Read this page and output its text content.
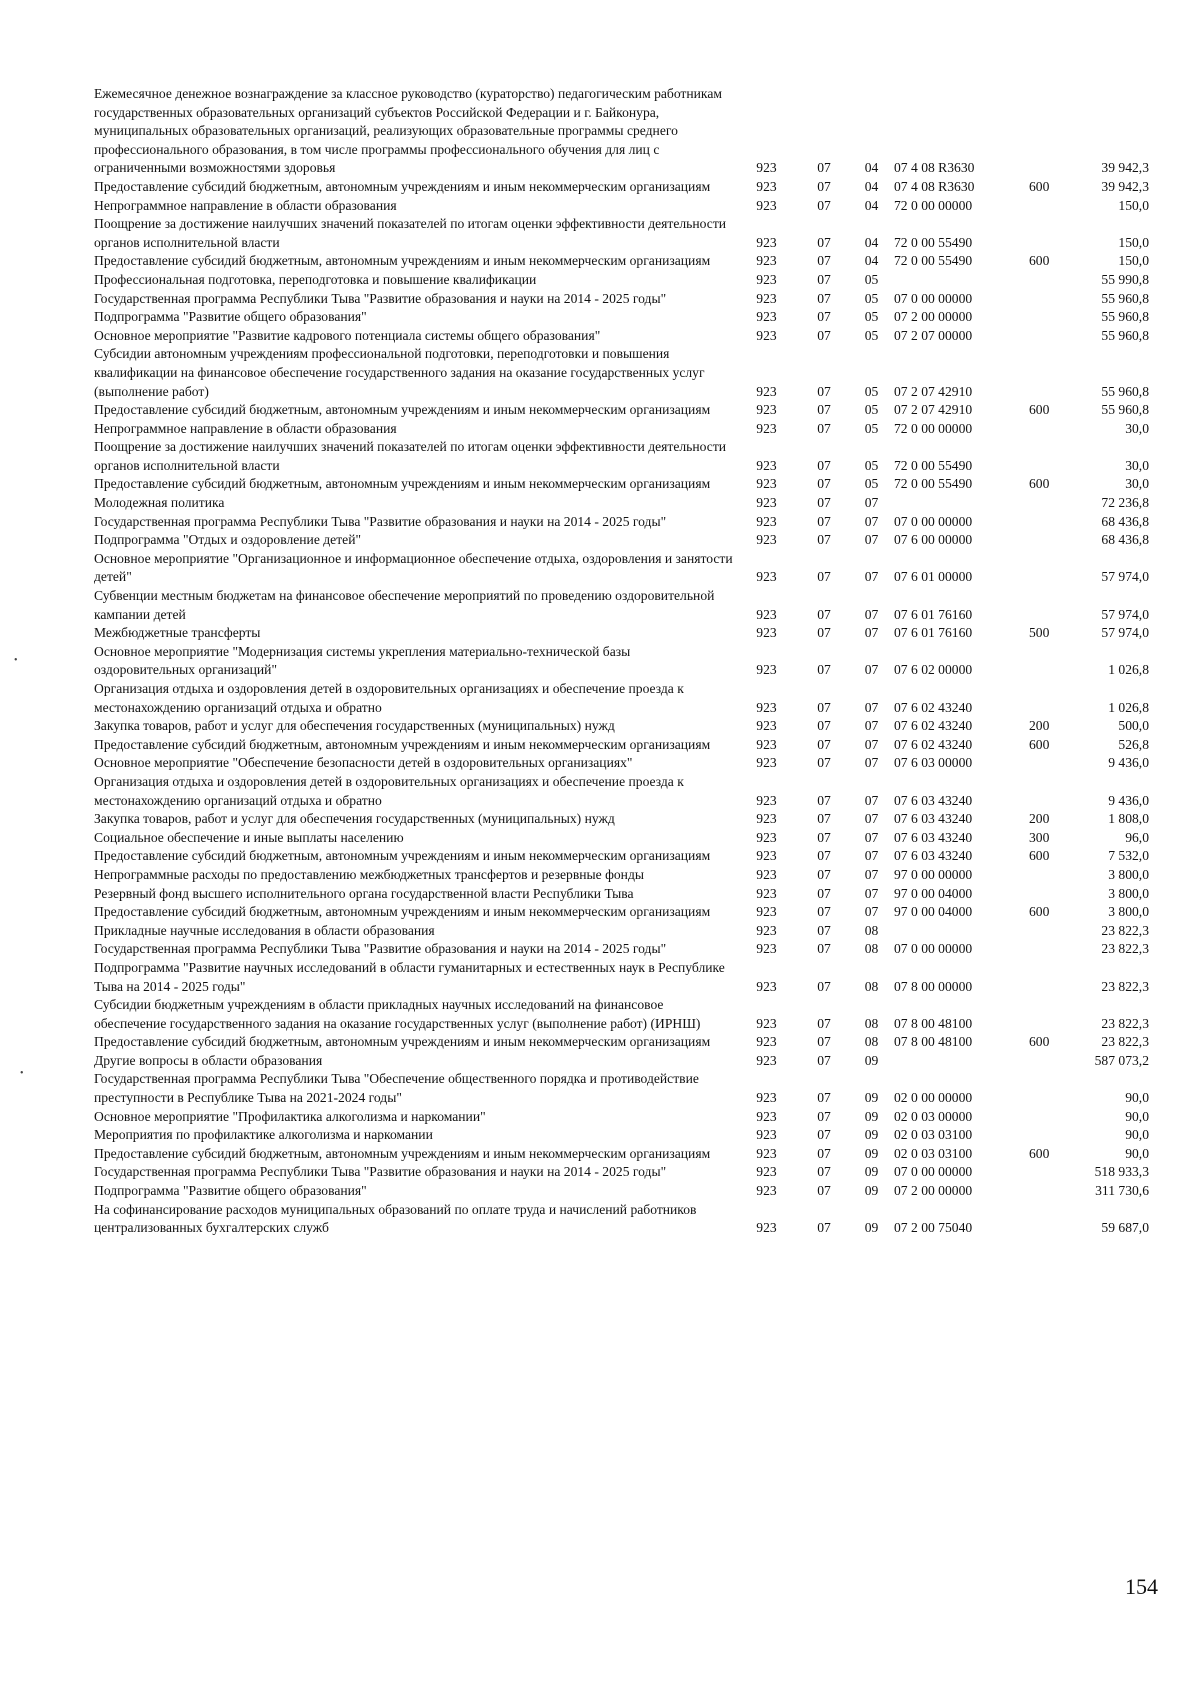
•
•
Ежемесячное денежное вознаграждение за классное руководство (кураторство) педагогическим работникам государственных образовательных организаций субъектов Российской Федерации и г. Байконура, муниципальных образовательных организаций, реализующих образовательные программы среднего профессионального образования, в том числе программы профессионального обучения для лиц с ограниченными возможностями здоровья	923	07	04	07 4 08 R3630		39 942,3
Предоставление субсидий бюджетным, автономным учреждениям и иным некоммерческим организациям	923	07	04	07 4 08 R3630	600	39 942,3
Непрограммное направление в области образования	923	07	04	72 0 00 00000		150,0
Поощрение за достижение наилучших значений показателей по итогам оценки эффективности деятельности органов исполнительной власти	923	07	04	72 0 00 55490		150,0
Предоставление субсидий бюджетным, автономным учреждениям и иным некоммерческим организациям	923	07	04	72 0 00 55490	600	150,0
Профессиональная подготовка, переподготовка и повышение квалификации	923	07	05			55 990,8
Государственная программа Республики Тыва "Развитие образования и науки на 2014 - 2025 годы"	923	07	05	07 0 00 00000		55 960,8
Подпрограмма "Развитие общего образования"	923	07	05	07 2 00 00000		55 960,8
Основное мероприятие "Развитие кадрового потенциала системы общего образования"	923	07	05	07 2 07 00000		55 960,8
Субсидии автономным учреждениям профессиональной подготовки, переподготовки и повышения квалификации на финансовое обеспечение государственного задания на оказание государственных услуг (выполнение работ)	923	07	05	07 2 07 42910		55 960,8
Предоставление субсидий бюджетным, автономным учреждениям и иным некоммерческим организациям	923	07	05	07 2 07 42910	600	55 960,8
Непрограммное направление в области образования	923	07	05	72 0 00 00000		30,0
Поощрение за достижение наилучших значений показателей по итогам оценки эффективности деятельности органов исполнительной власти	923	07	05	72 0 00 55490		30,0
Предоставление субсидий бюджетным, автономным учреждениям и иным некоммерческим организациям	923	07	05	72 0 00 55490	600	30,0
Молодежная политика	923	07	07			72 236,8
Государственная программа Республики Тыва "Развитие образования и науки на 2014 - 2025 годы"	923	07	07	07 0 00 00000		68 436,8
Подпрограмма "Отдых и оздоровление детей"	923	07	07	07 6 00 00000		68 436,8
Основное мероприятие "Организационное и информационное обеспечение отдыха, оздоровления и занятости детей"	923	07	07	07 6 01 00000		57 974,0
Субвенции местным бюджетам на финансовое обеспечение мероприятий по проведению оздоровительной кампании детей	923	07	07	07 6 01 76160		57 974,0
Межбюджетные трансферты	923	07	07	07 6 01 76160	500	57 974,0
Основное мероприятие "Модернизация системы укрепления материально-технической базы оздоровительных организаций"	923	07	07	07 6 02 00000		1 026,8
Организация отдыха и оздоровления детей в оздоровительных организациях и обеспечение проезда к местонахождению организаций отдыха и обратно	923	07	07	07 6 02 43240		1 026,8
Закупка товаров, работ и услуг для обеспечения государственных (муниципальных) нужд	923	07	07	07 6 02 43240	200	500,0
Предоставление субсидий бюджетным, автономным учреждениям и иным некоммерческим организациям	923	07	07	07 6 02 43240	600	526,8
Основное мероприятие "Обеспечение безопасности детей в оздоровительных организациях"	923	07	07	07 6 03 00000		9 436,0
Организация отдыха и оздоровления детей в оздоровительных организациях и обеспечение проезда к местонахождению организаций отдыха и обратно	923	07	07	07 6 03 43240		9 436,0
Закупка товаров, работ и услуг для обеспечения государственных (муниципальных) нужд	923	07	07	07 6 03 43240	200	1 808,0
Социальное обеспечение и иные выплаты населению	923	07	07	07 6 03 43240	300	96,0
Предоставление субсидий бюджетным, автономным учреждениям и иным некоммерческим организациям	923	07	07	07 6 03 43240	600	7 532,0
Непрограммные расходы по предоставлению межбюджетных трансфертов и резервные фонды	923	07	07	97 0 00 00000		3 800,0
Резервный фонд высшего исполнительного органа государственной власти Республики Тыва	923	07	07	97 0 00 04000		3 800,0
Предоставление субсидий бюджетным, автономным учреждениям и иным некоммерческим организациям	923	07	07	97 0 00 04000	600	3 800,0
Прикладные научные исследования в области образования	923	07	08			23 822,3
Государственная программа Республики Тыва "Развитие образования и науки на 2014 - 2025 годы"	923	07	08	07 0 00 00000		23 822,3
Подпрограмма "Развитие научных исследований в области гуманитарных и естественных наук в Республике Тыва на 2014 - 2025 годы"	923	07	08	07 8 00 00000		23 822,3
Субсидии бюджетным учреждениям в области прикладных научных исследований на финансовое обеспечение государственного задания на оказание государственных услуг (выполнение работ) (ИРНШ)	923	07	08	07 8 00 48100		23 822,3
Предоставление субсидий бюджетным, автономным учреждениям и иным некоммерческим организациям	923	07	08	07 8 00 48100	600	23 822,3
Другие вопросы в области образования	923	07	09			587 073,2
Государственная программа Республики Тыва "Обеспечение общественного порядка и противодействие преступности в Республике Тыва на 2021-2024 годы"	923	07	09	02 0 00 00000		90,0
Основное мероприятие "Профилактика алкоголизма и наркомании"	923	07	09	02 0 03 00000		90,0
Мероприятия по профилактике алкоголизма и наркомании	923	07	09	02 0 03 03100		90,0
Предоставление субсидий бюджетным, автономным учреждениям и иным некоммерческим организациям	923	07	09	02 0 03 03100	600	90,0
Государственная программа Республики Тыва "Развитие образования и науки на 2014 - 2025 годы"	923	07	09	07 0 00 00000		518 933,3
Подпрограмма "Развитие общего образования"	923	07	09	07 2 00 00000		311 730,6
На софинансирование расходов муниципальных образований по оплате труда и начислений работников централизованных бухгалтерских служб	923	07	09	07 2 00 75040		59 687,0
154
